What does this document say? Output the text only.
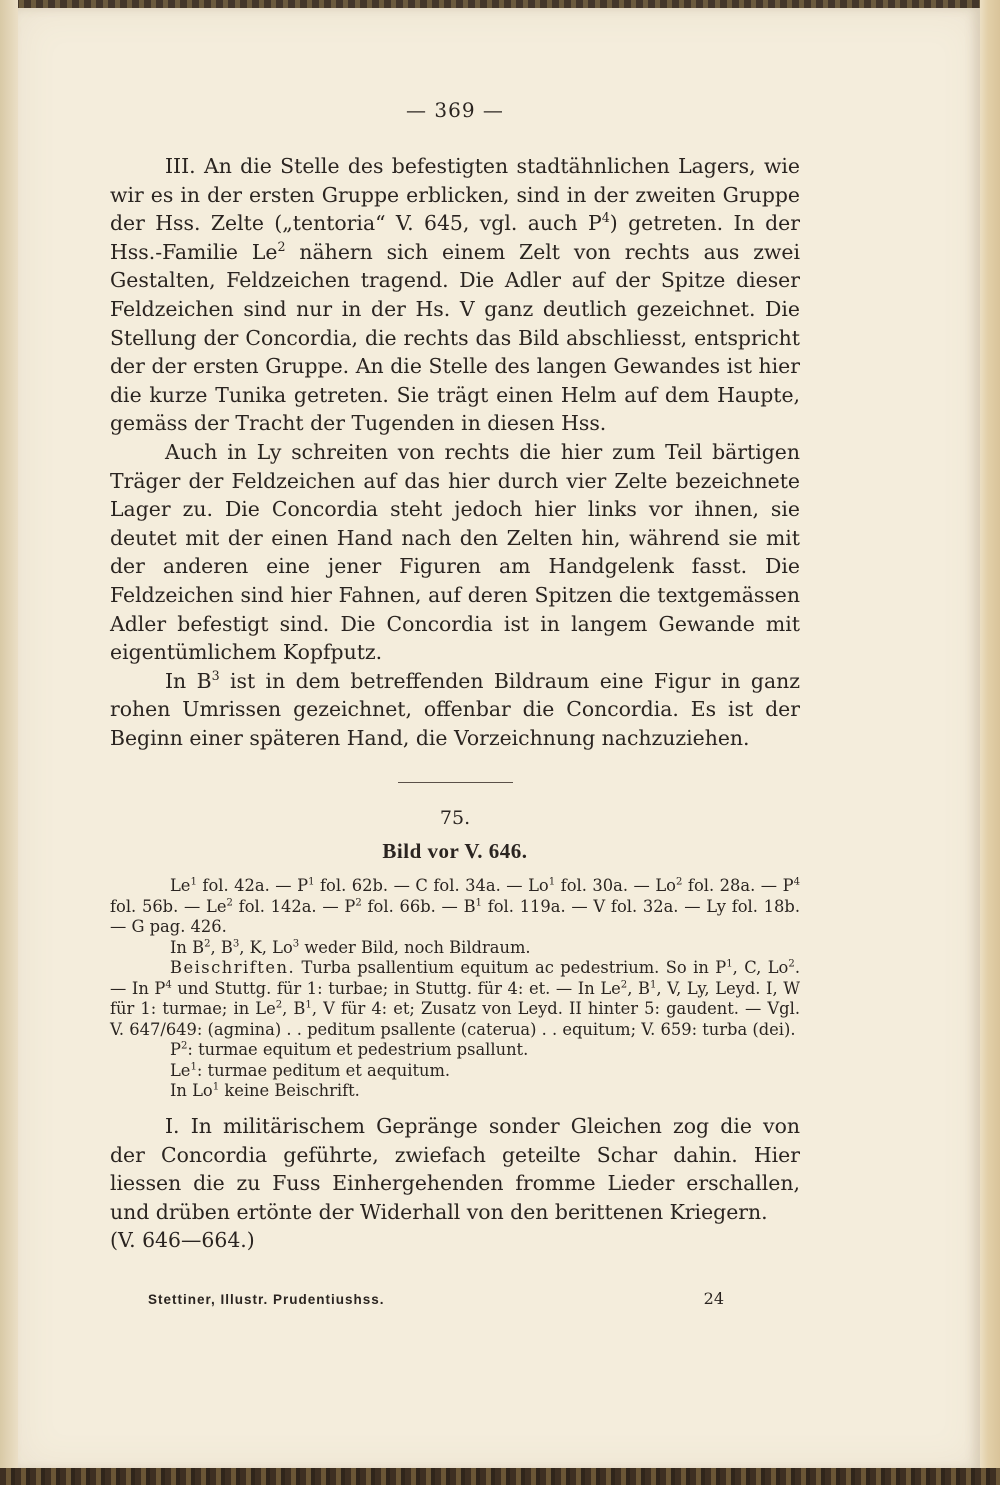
— 369 —

III. An die Stelle des befestigten stadtähnlichen Lagers, wie wir es in der ersten Gruppe erblicken, sind in der zweiten Gruppe der Hss. Zelte („tentoria“ V. 645, vgl. auch $P^4$) getreten. In der Hss.-Familie Le$^2$ nähern sich einem Zelt von rechts aus zwei Gestalten, Feldzeichen tragend. Die Adler auf der Spitze dieser Feldzeichen sind nur in der Hs. V ganz deutlich gezeichnet. Die Stellung der Concordia, die rechts das Bild abschliesst, entspricht der der ersten Gruppe. An die Stelle des langen Gewandes ist hier die kurze Tunika getreten. Sie trägt einen Helm auf dem Haupte, gemäss der Tracht der Tugenden in diesen Hss.

Auch in Ly schreiten von rechts die hier zum Teil bärtigen Träger der Feldzeichen auf das hier durch vier Zelte bezeichnete Lager zu. Die Concordia steht jedoch hier links vor ihnen, sie deutet mit der einen Hand nach den Zelten hin, während sie mit der anderen eine jener Figuren am Handgelenk fasst. Die Feldzeichen sind hier Fahnen, auf deren Spitzen die textgemässen Adler befestigt sind. Die Concordia ist in langem Gewande mit eigentümlichem Kopfputz.

In $B^3$ ist in dem betreffenden Bildraum eine Figur in ganz rohen Umrissen gezeichnet, offenbar die Concordia. Es ist der Beginn einer späteren Hand, die Vorzeichnung nachzuziehen.

75.
Bild vor V. 646.

Le$^1$ fol. 42a. — $P^1$ fol. 62b. — C fol. 34a. — Lo$^1$ fol. 30a. — Lo$^2$ fol. 28a. — $P^4$ fol. 56b. — Le$^2$ fol. 142a. — $P^2$ fol. 66b. — $B^1$ fol. 119a. — V fol. 32a. — Ly fol. 18b. — G pag. 426.

In $B^2$, $B^3$, K, Lo$^3$ weder Bild, noch Bildraum.

Beischriften. Turba psallentium equitum ac pedestrium. So in $P^1$, C, Lo$^2$. — In $P^4$ und Stuttg. für 1: turbae; in Stuttg. für 4: et. — In Le$^2$, $B^1$, V, Ly, Leyd. I, W für 1: turmae; in Le$^2$, $B^1$, V für 4: et; Zusatz von Leyd. II hinter 5: gaudent. — Vgl. V. 647/649: (agmina) . . peditum psallente (caterua) . . equitum; V. 659: turba (dei).

$P^2$: turmae equitum et pedestrium psallunt.

Le$^1$: turmae peditum et aequitum.

In Lo$^1$ keine Beischrift.

I. In militärischem Gepränge sonder Gleichen zog die von der Concordia geführte, zwiefach geteilte Schar dahin. Hier liessen die zu Fuss Einhergehenden fromme Lieder erschallen, und drüben ertönte der Widerhall von den berittenen Kriegern.

(V. 646—664.)

Stettiner, Illustr. Prudentiushss.	24
